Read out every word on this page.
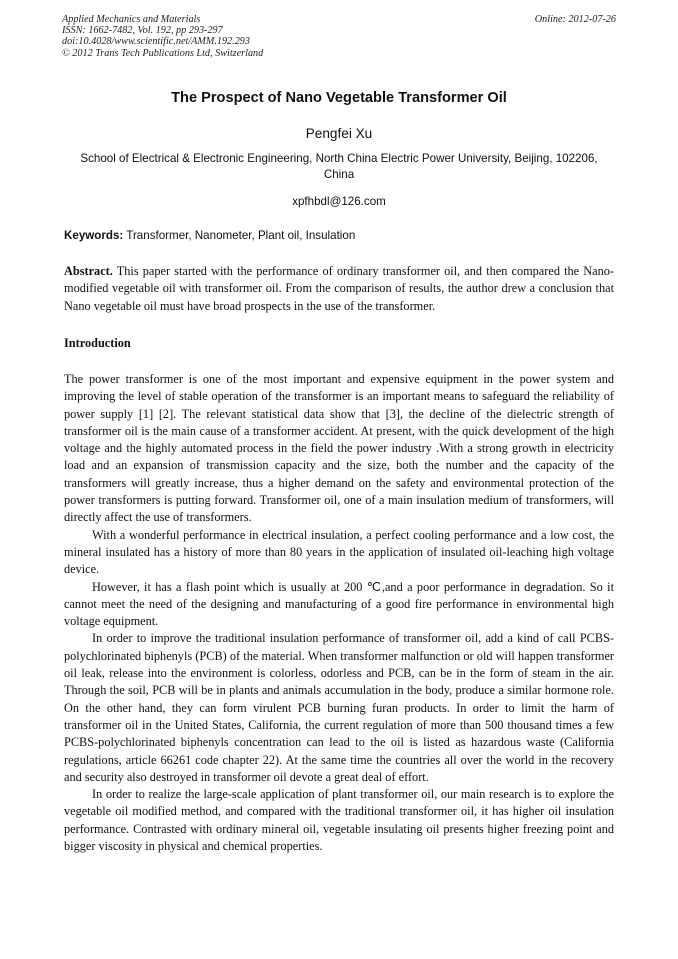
Applied Mechanics and Materials
ISSN: 1662-7482, Vol. 192, pp 293-297
doi:10.4028/www.scientific.net/AMM.192.293
© 2012 Trans Tech Publications Ltd, Switzerland
Online: 2012-07-26
The Prospect of Nano Vegetable Transformer Oil
Pengfei Xu
School of Electrical & Electronic Engineering, North China Electric Power University, Beijing, 102206, China
xpfhbdl@126.com
Keywords: Transformer, Nanometer, Plant oil, Insulation
Abstract. This paper started with the performance of ordinary transformer oil, and then compared the Nano-modified vegetable oil with transformer oil. From the comparison of results, the author drew a conclusion that Nano vegetable oil must have broad prospects in the use of the transformer.
Introduction

The power transformer is one of the most important and expensive equipment in the power system and improving the level of stable operation of the transformer is an important means to safeguard the reliability of power supply [1] [2]. The relevant statistical data show that [3], the decline of the dielectric strength of transformer oil is the main cause of a transformer accident. At present, with the quick development of the high voltage and the highly automated process in the field the power industry .With a strong growth in electricity load and an expansion of transmission capacity and the size, both the number and the capacity of the transformers will greatly increase, thus a higher demand on the safety and environmental protection of the power transformers is putting forward. Transformer oil, one of a main insulation medium of transformers, will directly affect the use of transformers.

With a wonderful performance in electrical insulation, a perfect cooling performance and a low cost, the mineral insulated has a history of more than 80 years in the application of insulated oil-leaching high voltage device.

However, it has a flash point which is usually at 200 ℃,and a poor performance in degradation. So it cannot meet the need of the designing and manufacturing of a good fire performance in environmental high voltage equipment.

In order to improve the traditional insulation performance of transformer oil, add a kind of call PCBS-polychlorinated biphenyls (PCB) of the material. When transformer malfunction or old will happen transformer oil leak, release into the environment is colorless, odorless and PCB, can be in the form of steam in the air. Through the soil, PCB will be in plants and animals accumulation in the body, produce a similar hormone role. On the other hand, they can form virulent PCB burning furan products. In order to limit the harm of transformer oil in the United States, California, the current regulation of more than 500 thousand times a few PCBS-polychlorinated biphenyls concentration can lead to the oil is listed as hazardous waste (California regulations, article 66261 code chapter 22). At the same time the countries all over the world in the recovery and security also destroyed in transformer oil devote a great deal of effort.

In order to realize the large-scale application of plant transformer oil, our main research is to explore the vegetable oil modified method, and compared with the traditional transformer oil, it has higher oil insulation performance. Contrasted with ordinary mineral oil, vegetable insulating oil presents higher freezing point and bigger viscosity in physical and chemical properties.
